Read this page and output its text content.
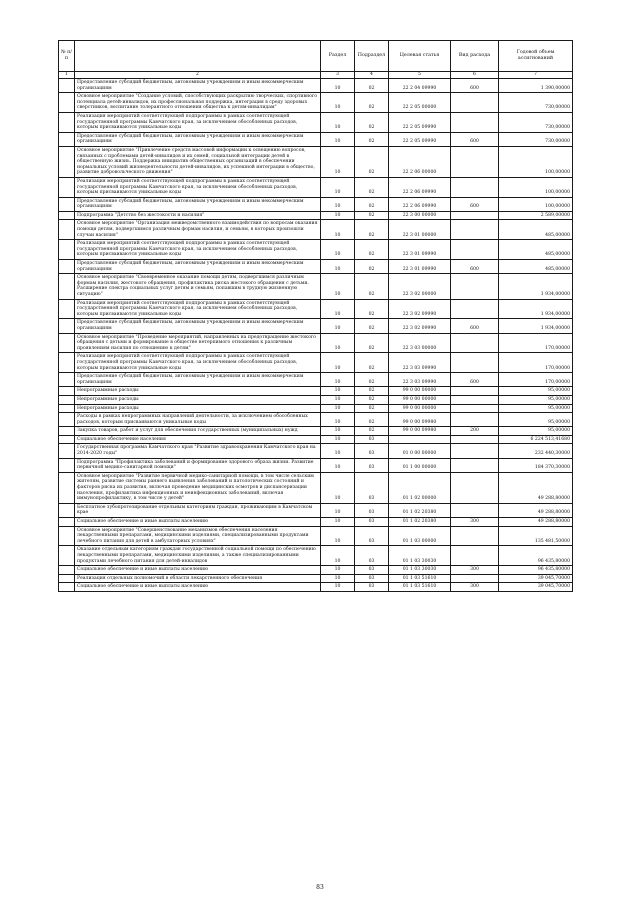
№ п/п		Раздел	Подраздел	Целевая статья	Вид расхода	Годовой объем ассигнований
1	2	3	4	5	6	7
	Предоставление субсидий бюджетным, автономным учреждениям и иным некоммерческим организациям	10	02	22 2 04 09990	600	1 390,00000
	Основное мероприятие "Создание условий, способствующих раскрытию творческих, спортивного потенциала детей-инвалидов, их профессиональная поддержка, интеграция в среду здоровых сверстников, воспитание толерантного отношения общества к детям-инвалидам"	10	02	22 2 05 00000		730,00000
	Реализация мероприятий соответствующей подпрограммы в рамках соответствующей государственной программы Камчатского края, за исключением обособленных расходов, которым присваиваются уникальные коды	10	02	22 2 05 09990		730,00000
	Предоставление субсидий бюджетным, автономным учреждениям и иным некоммерческим организациям	10	02	22 2 05 09990	600	730,00000
	Основное мероприятие "Привлечение средств массовой информации к освещению вопросов, связанных с проблемами детей-инвалидов и их семей, социальной интеграции детей в общественную жизнь. Поддержка инициатив общественных организаций в обеспечении нормальных условий жизнедеятельности детей-инвалидов, их успешной интеграции в общество, развитие добровольческого движения"	10	02	22 2 06 00000		100,00000
	Реализация мероприятий соответствующей подпрограммы в рамках соответствующей государственной программы Камчатского края, за исключением обособленных расходов, которым присваиваются уникальные коды	10	02	22 2 06 09990		100,00000
	Предоставление субсидий бюджетным, автономным учреждениям и иным некоммерческим организациям	10	02	22 2 06 09990	600	100,00000
	Подпрограмма "Детство без жестокости и насилия"	10	02	22 3 00 00000		2 589,00000
	Основное мероприятие "Организация межведомственного взаимодействия по вопросам оказания помощи детям, подвергшимся различным формам насилия, и семьям, в которых произошли случаи насилия"	10	02	22 3 01 00000		485,00000
	Реализация мероприятий соответствующей подпрограммы в рамках соответствующей государственной программы Камчатского края, за исключением обособленных расходов, которым присваиваются уникальные коды	10	02	22 3 01 09990		485,00000
	Предоставление субсидий бюджетным, автономным учреждениям и иным некоммерческим организациям	10	02	22 3 01 09990	600	485,00000
	Основное мероприятие "Своевременное оказание помощи детям, подвергшимся различным формам насилия, жестокого обращения, профилактика риска жестокого обращения с детьми. Расширение спектра социальных услуг детям и семьям, попавшим в трудную жизненную ситуацию"	10	02	22 3 02 00000		1 934,00000
	Реализация мероприятий соответствующей подпрограммы в рамках соответствующей государственной программы Камчатского края, за исключением обособленных расходов, которым присваиваются уникальные коды	10	02	22 3 02 09990		1 934,00000
	Предоставление субсидий бюджетным, автономным учреждениям и иным некоммерческим организациям	10	02	22 3 02 09990	600	1 934,00000
	Основное мероприятие "Проведение мероприятий, направленных на предотвращение жестокого обращения с детьми и формирование в обществе нетерпимого отношения к различным проявлениям насилия по отношению к детям"	10	02	22 3 03 00000		170,00000
	Реализация мероприятий соответствующей подпрограммы в рамках соответствующей государственной программы Камчатского края, за исключением обособленных расходов, которым присваиваются уникальные коды	10	02	22 3 03 09990		170,00000
	Предоставление субсидий бюджетным, автономным учреждениям и иным некоммерческим организациям	10	02	22 3 03 09990	600	170,00000
	Непрограммные расходы	10	02	99 0 00 00000		95,00000
	Непрограммные расходы	10	02	99 0 00 00000		95,00000
	Непрограммные расходы	10	02	99 0 00 00000		95,00000
	Расходы в рамках непрограммных направлений деятельности, за исключением обособленных расходов, которым присваиваются уникальные коды	10	02	99 0 00 09980		95,00000
	Закупка товаров, работ и услуг для обеспечения государственных (муниципальных) нужд	10	02	99 0 00 09980	200	95,00000
	Социальное обеспечение населения	10	03			6 224 513,41680
	Государственная программа Камчатского края "Развитие здравоохранения Камчатского края на 2014-2020 годы"	10	03	01 0 00 00000		232 440,30000
	Подпрограмма "Профилактика заболеваний и формирование здорового образа жизни. Развитие первичной медико-санитарной помощи"	10	03	01 1 00 00000		184 370,30000
	Основное мероприятие "Развитие первичной медико-санитарной помощи, в том числе сельским жителям, развитие системы раннего выявления заболеваний и патологических состояний и факторов риска их развития, включая проведение медицинских осмотров и диспансеризации населения, профилактика инфекционных и неинфекционных заболеваний, включая иммунопрофилактику, в том числе у детей"	10	03	01 1 02 00000		49 288,80000
	Бесплатное зубопротезирование отдельным категориям граждан, проживающим в Камчатском крае	10	03	01 1 02 20380		49 288,80000
	Социальное обеспечение и иные выплаты населению	10	03	01 1 02 20380	300	49 288,80000
	Основное мероприятие "Совершенствование механизмов обеспечения населения лекарственными препаратами, медицинскими изделиями, специализированными продуктами лечебного питания для детей в амбулаторных условиях"	10	03	01 1 03 00000		135 481,50000
	Оказание отдельным категориям граждан государственной социальной помощи по обеспечению лекарственными препаратами, медицинскими изделиями, а также специализированными продуктами лечебного питания для детей-инвалидов	10	03	01 1 03 30030		96 435,80000
	Социальное обеспечение и иные выплаты населению	10	03	01 1 03 30030	300	96 435,80000
	Реализация отдельных полномочий в области лекарственного обеспечения	10	03	01 1 03 51610		39 045,70000
	Социальное обеспечение и иные выплаты населению	10	03	01 1 03 51610	300	39 045,70000
83
